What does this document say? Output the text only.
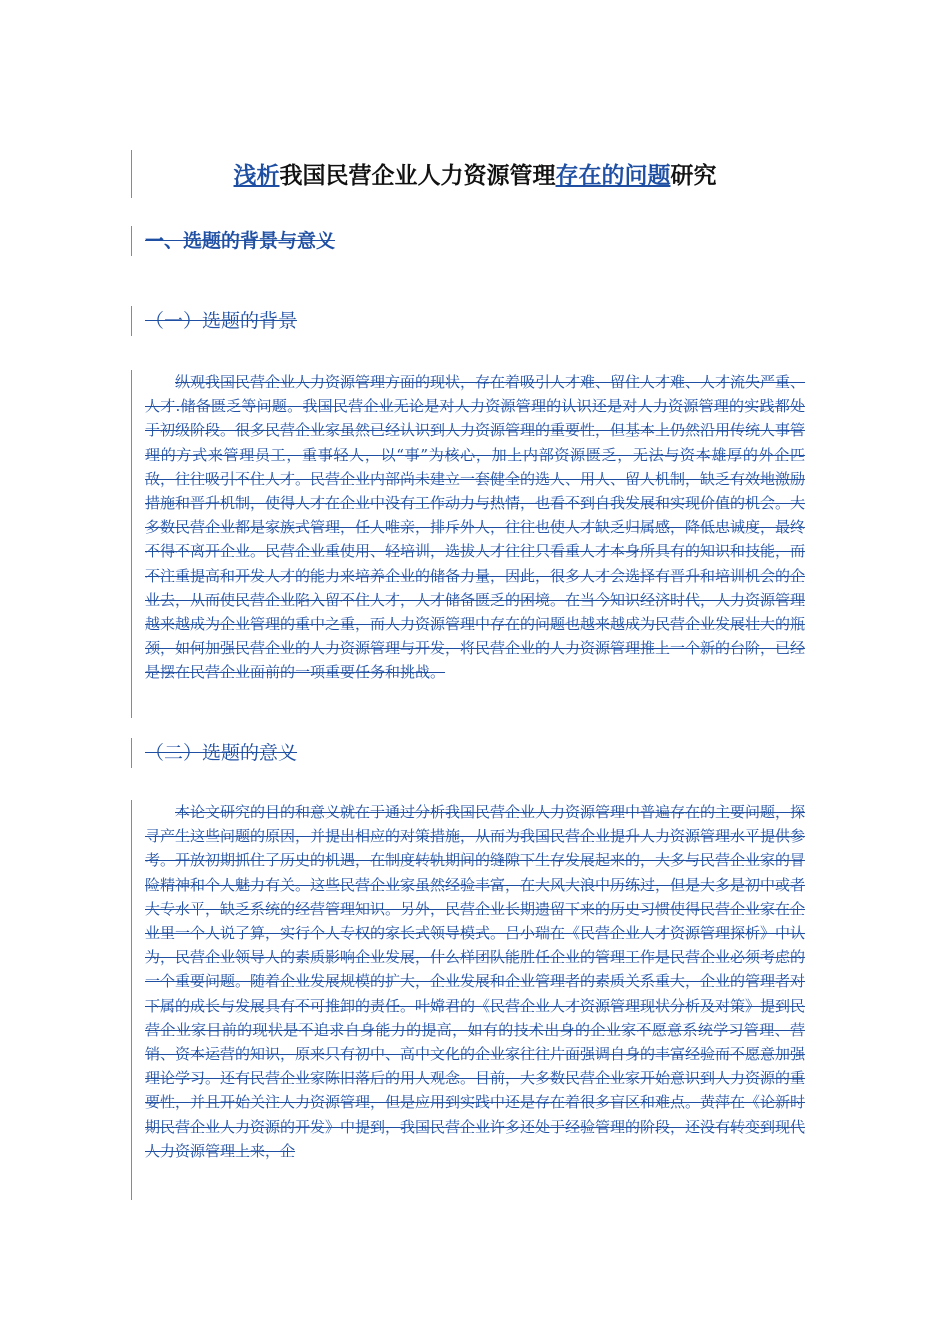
浅析我国民营企业人力资源管理存在的问题研究
一、选题的背景与意义
（一）选题的背景

纵观我国民营企业人力资源管理方面的现状，存在着吸引人才难、留住人才难、人才流失严重、人才.储备匮乏等问题。我国民营企业无论是对人力资源管理的认识还是对人力资源管理的实践都处于初级阶段。很多民营企业家虽然已经认识到人力资源管理的重要性，但基本上仍然沿用传统人事管理的方式来管理员工，重事轻人，以“事”为核心，加上内部资源匮乏，无法与资本雄厚的外企匹敌，往往吸引不住人才。民营企业内部尚未建立一套健全的选人、用人、留人机制，缺乏有效地激励措施和晋升机制，使得人才在企业中没有工作动力与热情，也看不到自我发展和实现价值的机会。大多数民营企业都是家族式管理，任人唯亲，排斥外人，往往也使人才缺乏归属感，降低忠诚度，最终不得不离开企业。民营企业重使用、轻培训，选拔人才往往只看重人才本身所具有的知识和技能，而不注重提高和开发人才的能力来培养企业的储备力量，因此，很多人才会选择有晋升和培训机会的企业去，从而使民营企业陷入留不住人才，人才储备匮乏的困境。在当今知识经济时代，人力资源管理越来越成为企业管理的重中之重，而人力资源管理中存在的问题也越来越成为民营企业发展壮大的瓶颈，如何加强民营企业的人力资源管理与开发，将民营企业的人力资源管理推上一个新的台阶，已经是摆在民营企业面前的一项重要任务和挑战。

（二）选题的意义

本论文研究的目的和意义就在于通过分析我国民营企业人力资源管理中普遍存在的主要问题，探寻产生这些问题的原因，并提出相应的对策措施，从而为我国民营企业提升人力资源管理水平提供参考。开放初期抓住了历史的机遇，在制度转轨期间的缝隙下生存发展起来的，大多与民营企业家的冒险精神和个人魅力有关。这些民营企业家虽然经验丰富，在大风大浪中历练过，但是大多是初中或者大专水平，缺乏系统的经营管理知识。另外，民营企业长期遗留下来的历史习惯使得民营企业家在企业里一个人说了算，实行个人专权的家长式领导模式。吕小瑞在《民营企业人才资源管理探析》中认为，民营企业领导人的素质影响企业发展，什么样团队能胜任企业的管理工作是民营企业必须考虑的一个重要问题。随着企业发展规模的扩大，企业发展和企业管理者的素质关系重大，企业的管理者对下属的成长与发展具有不可推卸的责任。叶嫦君的《民营企业人才资源管理现状分析及对策》提到民营企业家目前的现状是不追求自身能力的提高，如有的技术出身的企业家不愿意系统学习管理、营销、资本运营的知识，原来只有初中、高中文化的企业家往往片面强调自身的丰富经验而不愿意加强理论学习。还有民营企业家陈旧落后的用人观念。目前，大多数民营企业家开始意识到人力资源的重要性，并且开始关注人力资源管理，但是应用到实践中还是存在着很多盲区和难点。黄萍在《论新时期民营企业人力资源的开发》中提到，我国民营企业许多还处于经验管理的阶段，还没有转变到现代人力资源管理上来，企
